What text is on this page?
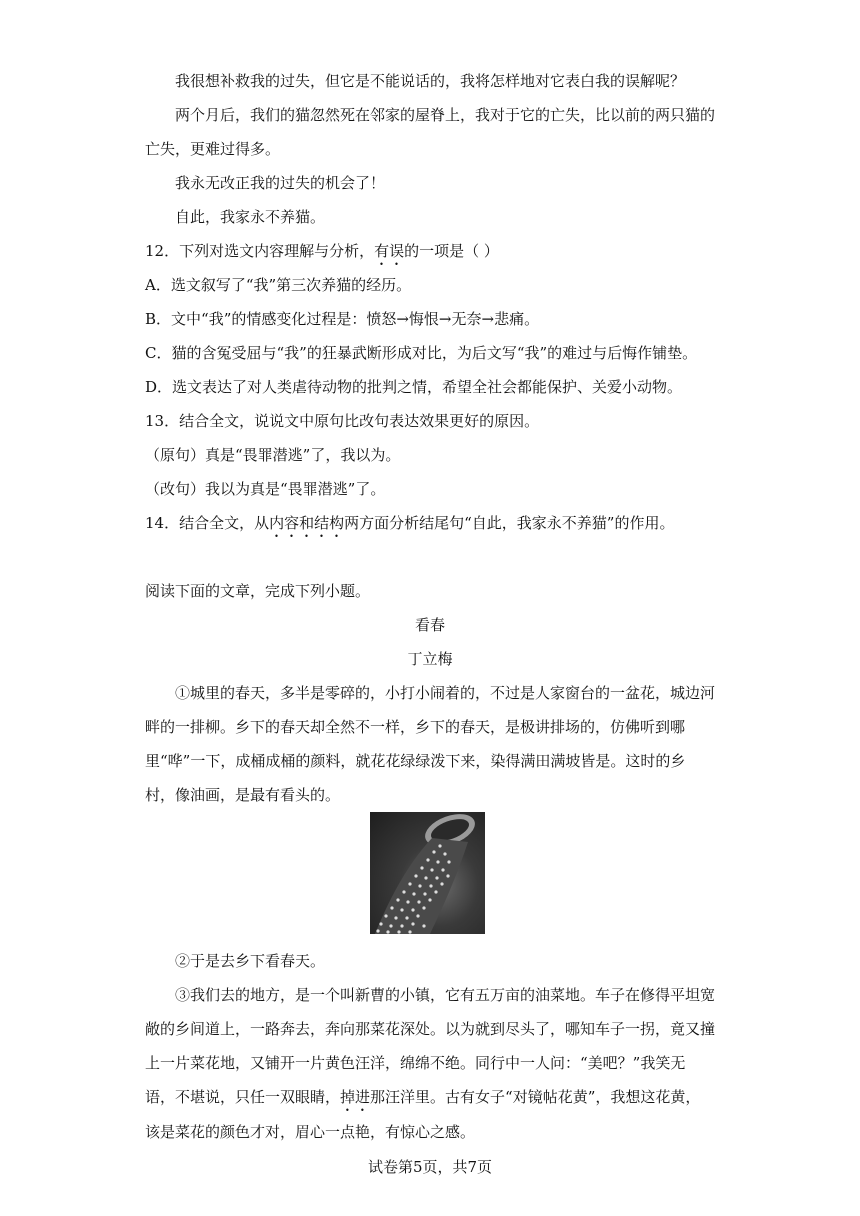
我很想补救我的过失，但它是不能说话的，我将怎样地对它表白我的误解呢？
两个月后，我们的猫忽然死在邻家的屋脊上，我对于它的亡失，比以前的两只猫的
亡失，更难过得多。
我永无改正我的过失的机会了！
自此，我家永不养猫。
12．下列对选文内容理解与分析，有误的一项是（ ）
A．选文叙写了“我”第三次养猫的经历。
B．文中“我”的情感变化过程是：愤怒→悔恨→无奈→悲痛。
C．猫的含冤受屈与“我”的狂暴武断形成对比，为后文写“我”的难过与后悔作铺垫。
D．选文表达了对人类虐待动物的批判之情，希望全社会都能保护、关爱小动物。
13．结合全文，说说文中原句比改句表达效果更好的原因。
（原句）真是“畏罪潜逃”了，我以为。
（改句）我以为真是“畏罪潜逃”了。
14．结合全文，从内容和结构两方面分析结尾句“自此，我家永不养猫”的作用。
阅读下面的文章，完成下列小题。
看春
丁立梅
①城里的春天，多半是零碎的，小打小闹着的，不过是人家窗台的一盆花，城边河畔的一排柳。乡下的春天却全然不一样，乡下的春天，是极讲排场的，仿佛听到哪里“哗”一下，成桶成桶的颜料，就花花绿绿泼下来，染得满田满坡皆是。这时的乡村，像油画，是最有看头的。
②于是去乡下看春天。
③我们去的地方，是一个叫新曹的小镇，它有五万亩的油菜地。车子在修得平坦宽敞的乡间道上，一路奔去，奔向那菜花深处。以为就到尽头了，哪知车子一拐，竟又撞上一片菜花地，又铺开一片黄色汪洋，绵绵不绝。同行中一人问：“美吧？”我笑无语，不堪说，只任一双眼睛，掉进那汪洋里。古有女子“对镜帖花黄”，我想这花黄，该是菜花的颜色才对，眉心一点艳，有惊心之感。
试卷第5页，共7页
